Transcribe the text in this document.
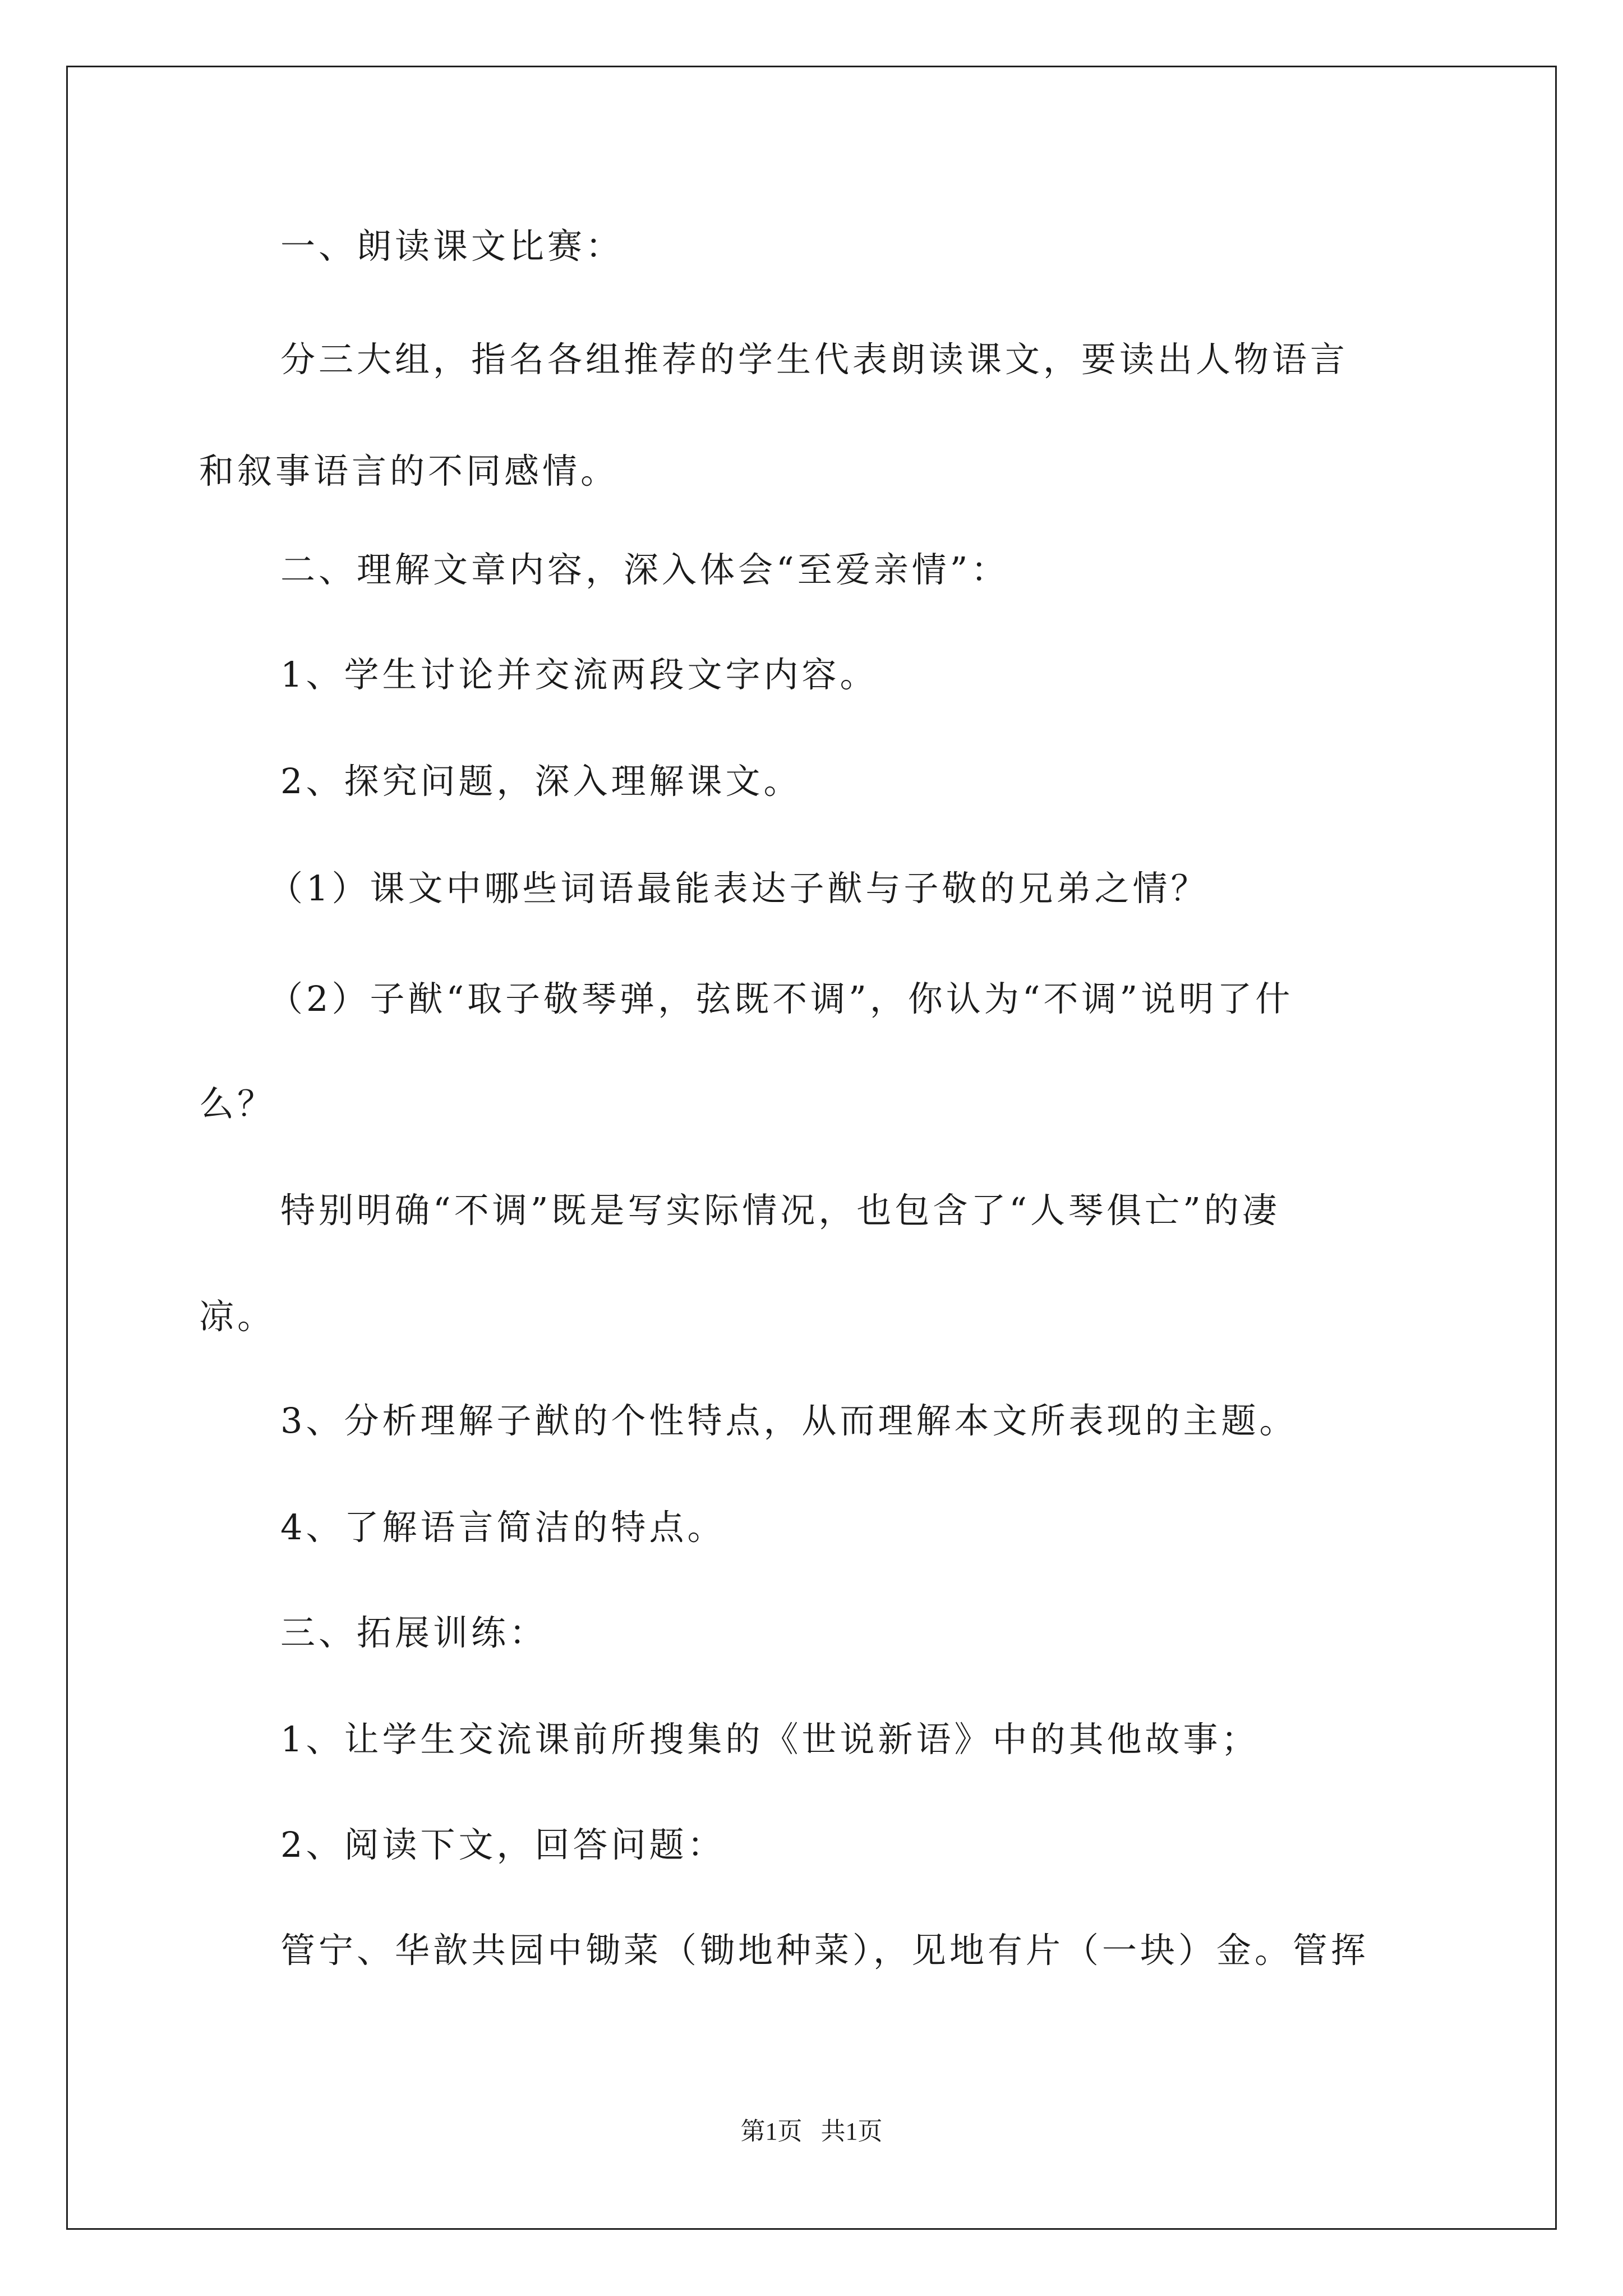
一、朗读课文比赛：

分三大组，指名各组推荐的学生代表朗读课文，要读出人物语言

和叙事语言的不同感情。

二、理解文章内容，深入体会“至爱亲情”：

1、学生讨论并交流两段文字内容。

2、探究问题，深入理解课文。

（1）课文中哪些词语最能表达子猷与子敬的兄弟之情？

（2）子猷“取子敬琴弹，弦既不调”，你认为“不调”说明了什

么？

特别明确“不调”既是写实际情况，也包含了“人琴俱亡”的凄

凉。

3、分析理解子猷的个性特点，从而理解本文所表现的主题。

4、了解语言简洁的特点。

三、拓展训练：

1、让学生交流课前所搜集的《世说新语》中的其他故事；

2、阅读下文，回答问题：

管宁、华歆共园中锄菜（锄地种菜），见地有片（一块）金。管挥

第1页   共1页
